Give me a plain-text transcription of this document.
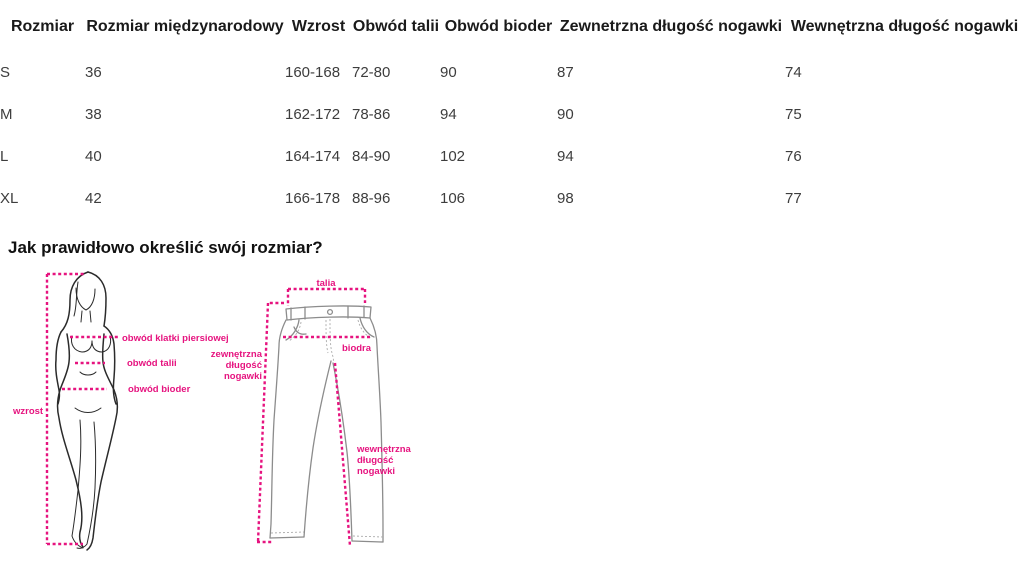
Rozmiar	Rozmiar międzynarodowy	Wzrost	Obwód talii	Obwód bioder	Zewnetrzna długość nogawki	Wewnętrzna długość nogawki
S	36	160-168	72-80	90	87	74
M	38	162-172	78-86	94	90	75
L	40	164-174	84-90	102	94	76
XL	42	166-178	88-96	106	98	77
Jak prawidłowo określić swój rozmiar?
obwód klatki piersiowej
obwód talii
obwód bioder
wzrost
talia
biodra
zewnętrzna
długość
nogawki
wewnętrzna
długość
nogawki
